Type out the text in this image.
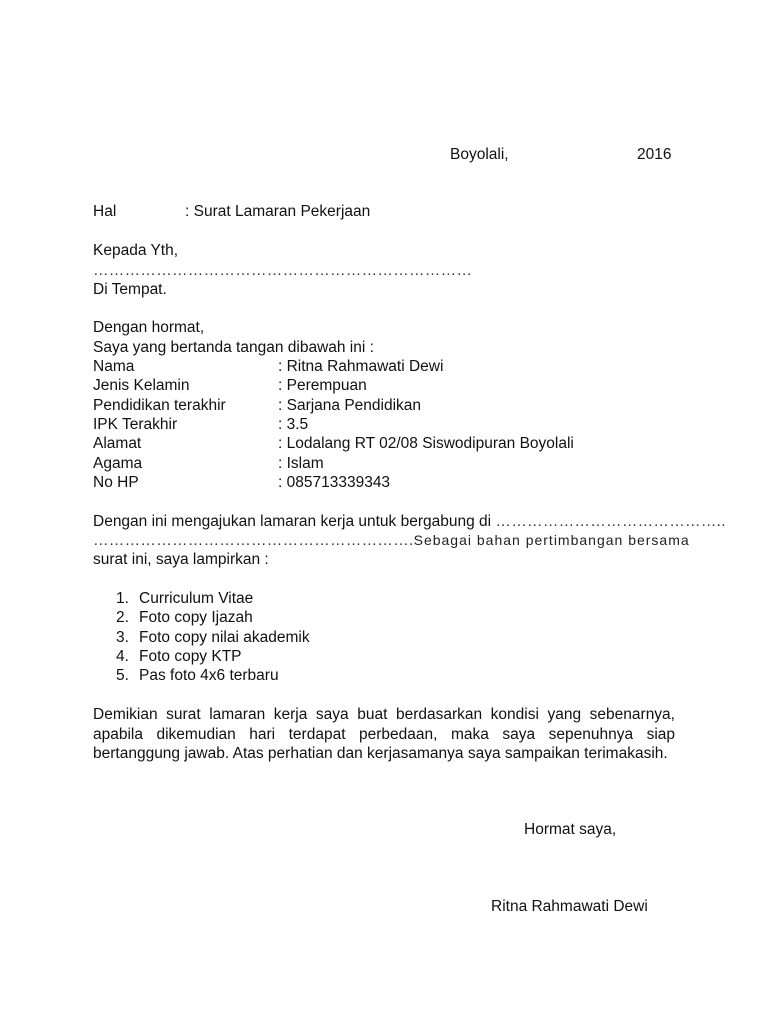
Boyolali,	2016
Hal	: Surat Lamaran Pekerjaan
Kepada Yth,
………………………………………………………………
Di Tempat.
Dengan hormat,
Saya yang bertanda tangan dibawah ini :
Nama	: Ritna Rahmawati Dewi
Jenis Kelamin	: Perempuan
Pendidikan terakhir	: Sarjana Pendidikan
IPK Terakhir	: 3.5
Alamat	: Lodalang RT 02/08 Siswodipuran Boyolali
Agama	: Islam
No HP	: 085713339343
Dengan ini mengajukan lamaran kerja untuk bergabung di ……………………………………..
……………………………………………………. Sebagai bahan pertimbangan bersama
surat ini, saya lampirkan :
1. Curriculum Vitae
2. Foto copy Ijazah
3. Foto copy nilai akademik
4. Foto copy KTP
5. Pas foto 4x6 terbaru

Demikian surat lamaran kerja saya buat berdasarkan kondisi yang sebenarnya, apabila dikemudian hari terdapat perbedaan, maka saya sepenuhnya siap bertanggung jawab. Atas perhatian dan kerjasamanya saya sampaikan terimakasih.

Hormat saya,
Ritna Rahmawati Dewi
